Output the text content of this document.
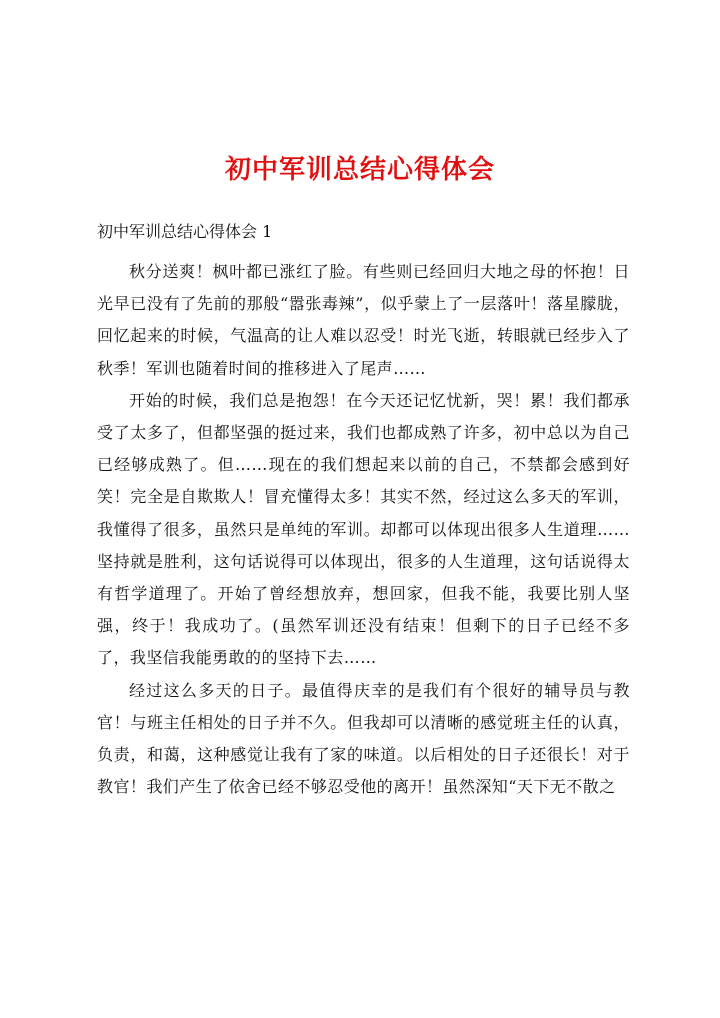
初中军训总结心得体会

初中军训总结心得体会 1

秋分送爽！枫叶都已涨红了脸。有些则已经回归大地之母的怀抱！日光早已没有了先前的那般“嚣张毒辣”，似乎蒙上了一层落叶！落星朦胧，回忆起来的时候，气温高的让人难以忍受！时光飞逝，转眼就已经步入了秋季！军训也随着时间的推移进入了尾声……

开始的时候，我们总是抱怨！在今天还记忆忧新，哭！累！我们都承受了太多了，但都坚强的挺过来，我们也都成熟了许多，初中总以为自己已经够成熟了。但……现在的我们想起来以前的自己，不禁都会感到好笑！完全是自欺欺人！冒充懂得太多！其实不然，经过这么多天的军训，我懂得了很多，虽然只是单纯的军训。却都可以体现出很多人生道理…… 坚持就是胜利，这句话说得可以体现出，很多的人生道理，这句话说得太有哲学道理了。开始了曾经想放弃，想回家，但我不能，我要比别人坚强，终于！我成功了。(虽然军训还没有结束！但剩下的日子已经不多了，我坚信我能勇敢的的坚持下去……

经过这么多天的日子。最值得庆幸的是我们有个很好的辅导员与教官！与班主任相处的日子并不久。但我却可以清晰的感觉班主任的认真，负责，和蔼，这种感觉让我有了家的味道。以后相处的日子还很长！对于教官！我们产生了依舍已经不够忍受他的离开！虽然深知“天下无不散之
